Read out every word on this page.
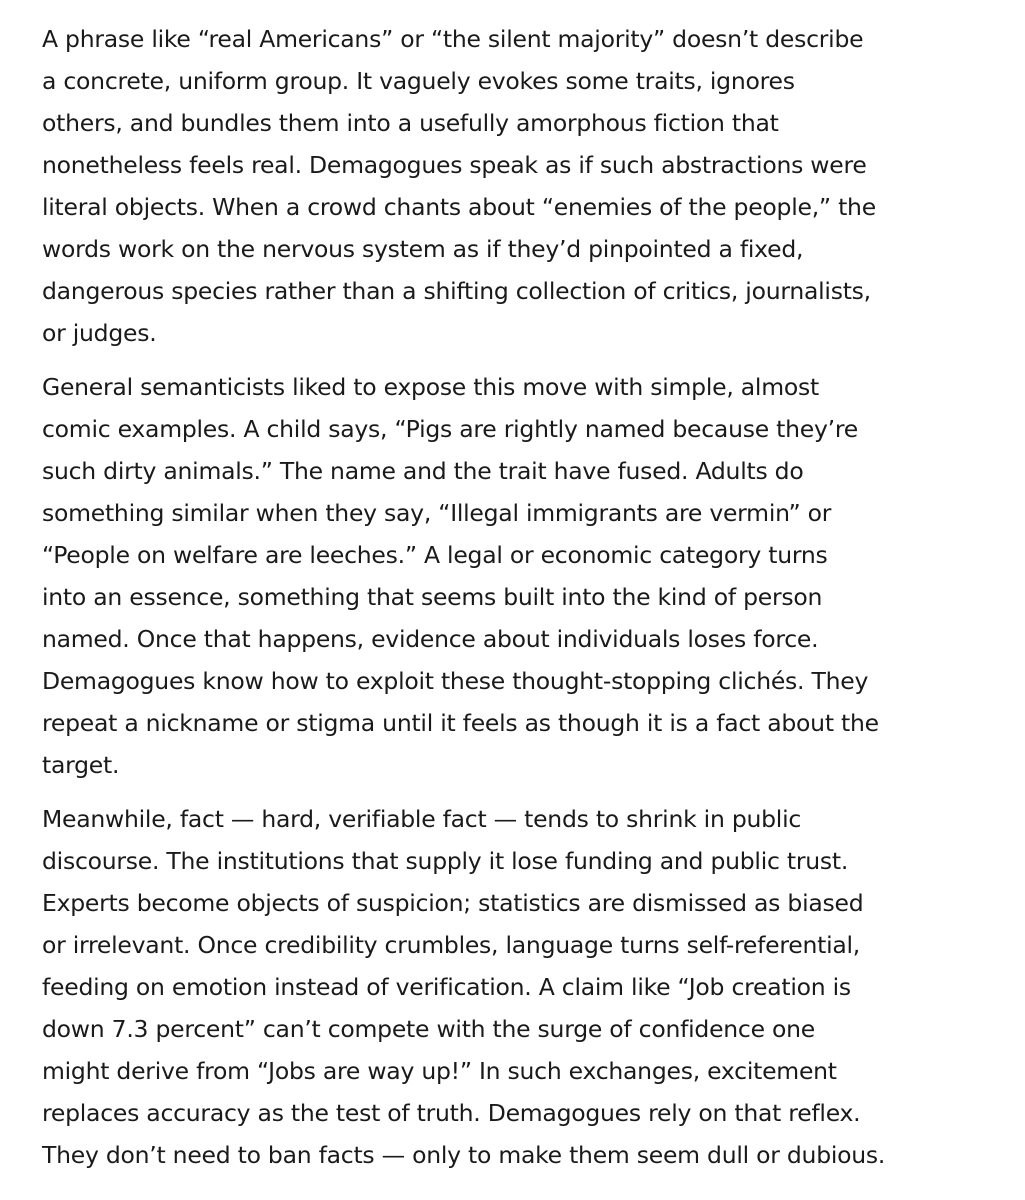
A phrase like “real Americans” or “the silent majority” doesn’t describe
a concrete, uniform group. It vaguely evokes some traits, ignores
others, and bundles them into a usefully amorphous fiction that
nonetheless feels real. Demagogues speak as if such abstractions were
literal objects. When a crowd chants about “enemies of the people,” the
words work on the nervous system as if they’d pinpointed a fixed,
dangerous species rather than a shifting collection of critics, journalists,
or judges.
General semanticists liked to expose this move with simple, almost
comic examples. A child says, “Pigs are rightly named because they’re
such dirty animals.” The name and the trait have fused. Adults do
something similar when they say, “Illegal immigrants are vermin” or
“People on welfare are leeches.” A legal or economic category turns
into an essence, something that seems built into the kind of person
named. Once that happens, evidence about individuals loses force.
Demagogues know how to exploit these thought-stopping clichés. They
repeat a nickname or stigma until it feels as though it is a fact about the
target.
Meanwhile, fact — hard, verifiable fact — tends to shrink in public
discourse. The institutions that supply it lose funding and public trust.
Experts become objects of suspicion; statistics are dismissed as biased
or irrelevant. Once credibility crumbles, language turns self-referential,
feeding on emotion instead of verification. A claim like “Job creation is
down 7.3 percent” can’t compete with the surge of confidence one
might derive from “Jobs are way up!” In such exchanges, excitement
replaces accuracy as the test of truth. Demagogues rely on that reflex.
They don’t need to ban facts — only to make them seem dull or dubious.
